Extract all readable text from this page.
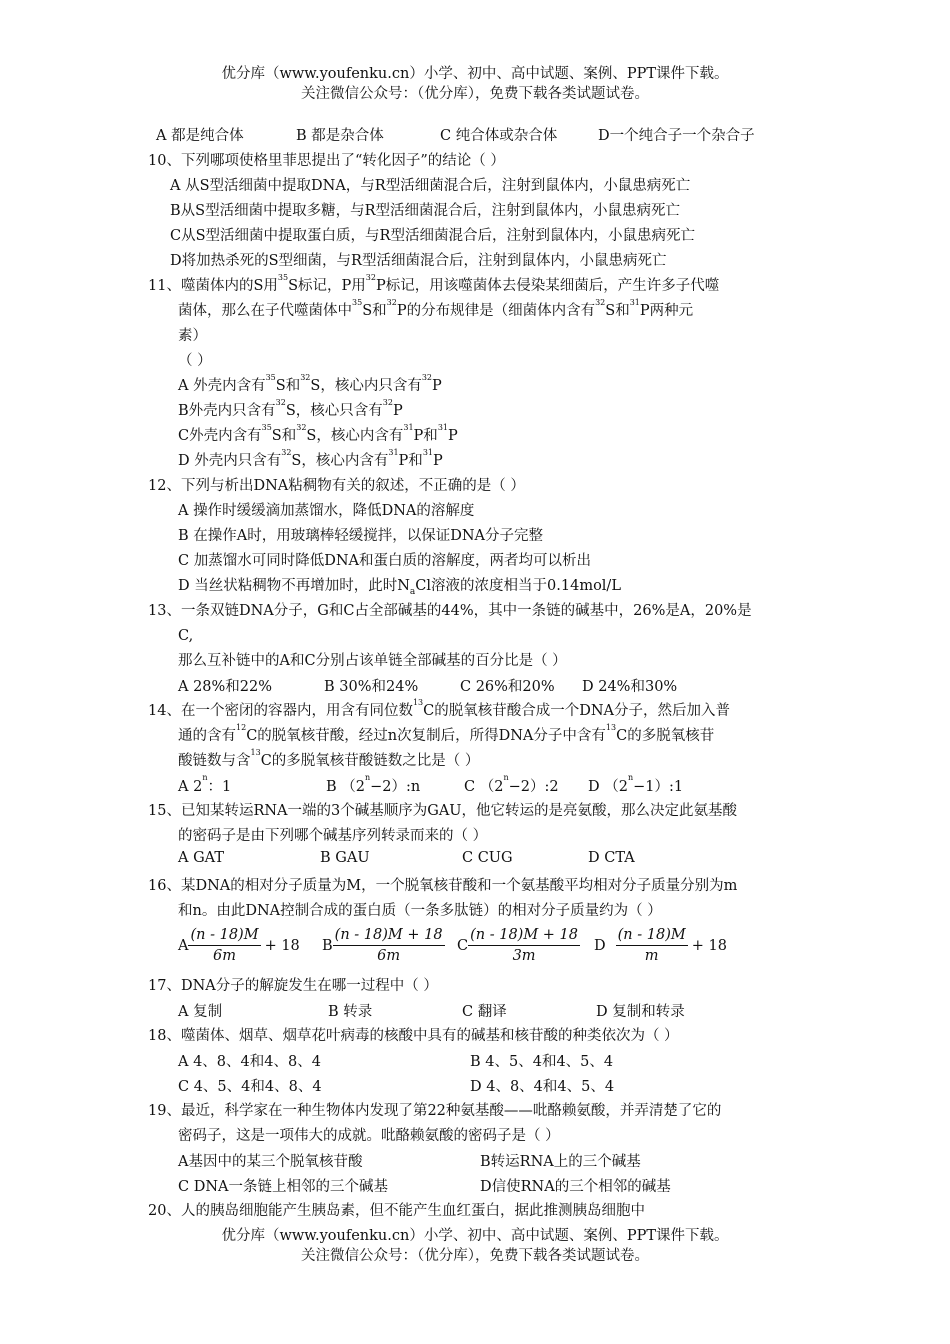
优分库（www.youfenku.cn）小学、初中、高中试题、案例、PPT课件下载。
关注微信公众号：（优分库），免费下载各类试题试卷。
A 都是纯合体	B 都是杂合体	C 纯合体或杂合体	D一个纯合子一个杂合子
10、下列哪项使格里菲思提出了“转化因子”的结论（ ）
A 从S型活细菌中提取DNA，与R型活细菌混合后，注射到鼠体内，小鼠患病死亡
B从S型活细菌中提取多糖，与R型活细菌混合后，注射到鼠体内，小鼠患病死亡
C从S型活细菌中提取蛋白质，与R型活细菌混合后，注射到鼠体内，小鼠患病死亡
D将加热杀死的S型细菌，与R型活细菌混合后，注射到鼠体内，小鼠患病死亡
11、噬菌体内的S用$^{35}$S标记，P用$^{32}$P标记，用该噬菌体去侵染某细菌后，产生许多子代噬
菌体，那么在子代噬菌体中$^{35}$S和$^{32}$P的分布规律是（细菌体内含有$^{32}$S和$^{31}$P两种元
素）
（ ）
A 外壳内含有$^{35}$S和$^{32}$S，核心内只含有$^{32}$P
B外壳内只含有$^{32}$S，核心只含有$^{32}$P
C外壳内含有$^{35}$S和$^{32}$S，核心内含有$^{31}$P和$^{31}$P
D 外壳内只含有$^{32}$S，核心内含有$^{31}$P和$^{31}$P
12、下列与析出DNA粘稠物有关的叙述，不正确的是（ ）
A 操作时缓缓滴加蒸馏水，降低DNA的溶解度
B 在操作A时，用玻璃棒轻缓搅拌，以保证DNA分子完整
C 加蒸馏水可同时降低DNA和蛋白质的溶解度，两者均可以析出
D 当丝状粘稠物不再增加时，此时$N_aCl$溶液的浓度相当于0.14mol/L
13、一条双链DNA分子，G和C占全部碱基的44%，其中一条链的碱基中，26%是A，20%是
C,
那么互补链中的A和C分别占该单链全部碱基的百分比是（ ）
A 28%和22%	B 30%和24%	C 26%和20%	D 24%和30%
14、在一个密闭的容器内，用含有同位数$^{13}$C的脱氧核苷酸合成一个DNA分子，然后加入普
通的含有$^{12}$C的脱氧核苷酸，经过n次复制后，所得DNA分子中含有$^{13}$C的多脱氧核苷
酸链数与含$^{13}$C的多脱氧核苷酸链数之比是（ ）
A 2$^n$：1	B $(2^n-2):n$	C $(2^n-2):2$	D $(2^n-1):1$
15、已知某转运RNA一端的3个碱基顺序为GAU，他它转运的是亮氨酸，那么决定此氨基酸
的密码子是由下列哪个碱基序列转录而来的（ ）
A GAT	B GAU	C CUG	D CTA
16、某DNA的相对分子质量为M，一个脱氧核苷酸和一个氨基酸平均相对分子质量分别为m
和n。由此DNA控制合成的蛋白质（一条多肽链）的相对分子质量约为（ ）
A $\frac{(n - 18)M}{6m} + 18$ B $\frac{(n - 18)M + 18}{6m}$ C $\frac{(n - 18)M + 18}{3m}$ D $\frac{(n - 18)M}{m} + 18$
17、DNA分子的解旋发生在哪一过程中（ ）
A 复制	B 转录	C 翻译	D 复制和转录
18、噬菌体、烟草、烟草花叶病毒的核酸中具有的碱基和核苷酸的种类依次为（ ）
A 4、8、4和4、8、4	B 4、5、4和4、5、4
C 4、5、4和4、8、4	D 4、8、4和4、5、4
19、最近，科学家在一种生物体内发现了第22种氨基酸——吡酪赖氨酸，并弄清楚了它的
密码子，这是一项伟大的成就。吡酪赖氨酸的密码子是（ ）
A基因中的某三个脱氧核苷酸	B转运RNA上的三个碱基
C DNA一条链上相邻的三个碱基	D信使RNA的三个相邻的碱基
20、人的胰岛细胞能产生胰岛素，但不能产生血红蛋白，据此推测胰岛细胞中
优分库（www.youfenku.cn）小学、初中、高中试题、案例、PPT课件下载。
关注微信公众号：（优分库），免费下载各类试题试卷。
